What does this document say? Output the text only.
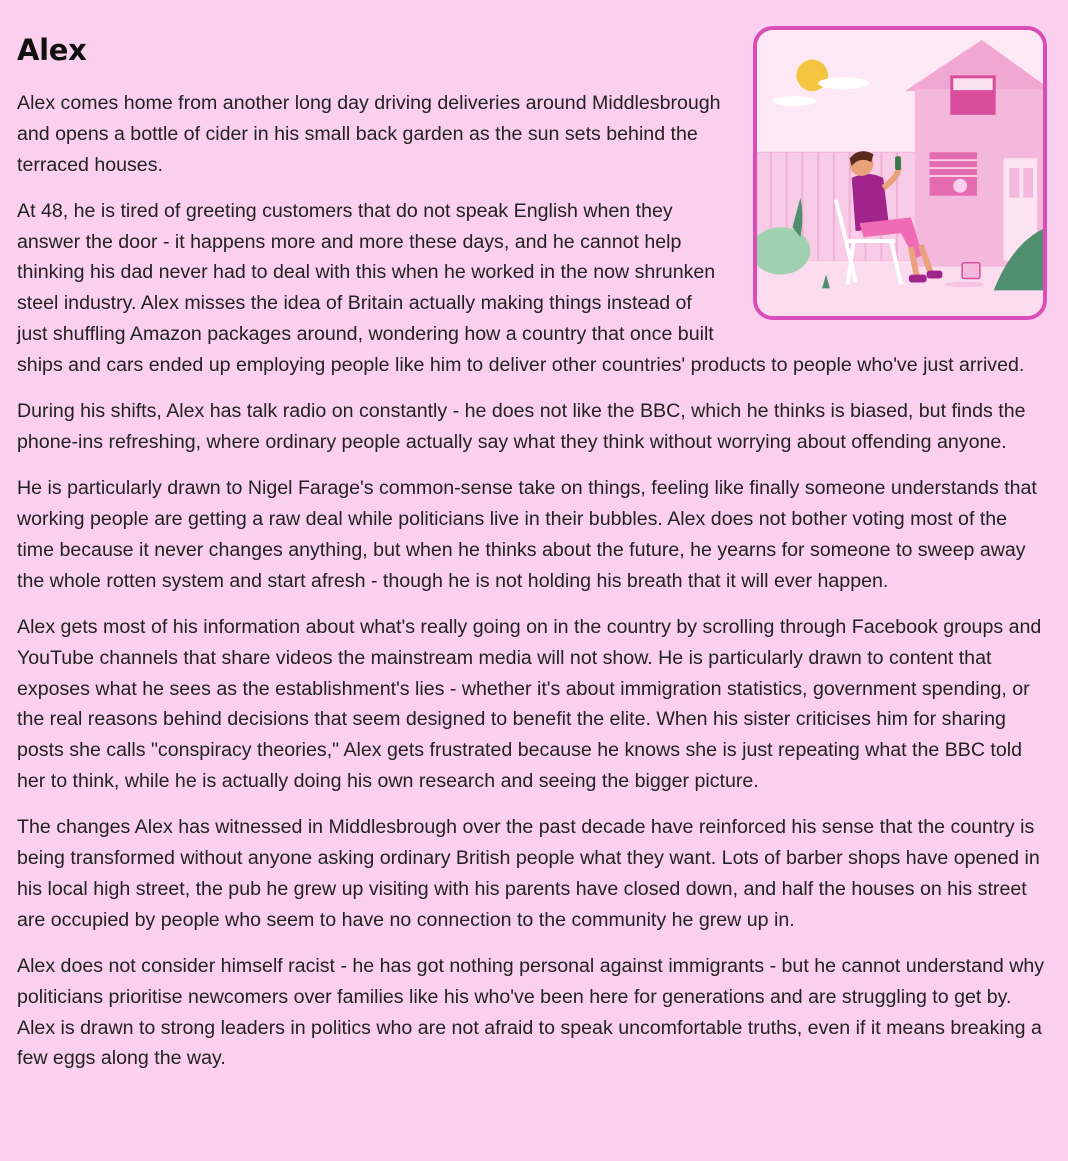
Alex

Alex comes home from another long day driving deliveries around Middlesbrough and opens a bottle of cider in his small back garden as the sun sets behind the terraced houses.

At 48, he is tired of greeting customers that do not speak English when they answer the door - it happens more and more these days, and he cannot help thinking his dad never had to deal with this when he worked in the now shrunken steel industry. Alex misses the idea of Britain actually making things instead of just shuffling Amazon packages around, wondering how a country that once built ships and cars ended up employing people like him to deliver other countries' products to people who've just arrived.

During his shifts, Alex has talk radio on constantly - he does not like the BBC, which he thinks is biased, but finds the phone-ins refreshing, where ordinary people actually say what they think without worrying about offending anyone.

He is particularly drawn to Nigel Farage's common-sense take on things, feeling like finally someone understands that working people are getting a raw deal while politicians live in their bubbles. Alex does not bother voting most of the time because it never changes anything, but when he thinks about the future, he yearns for someone to sweep away the whole rotten system and start afresh - though he is not holding his breath that it will ever happen.

Alex gets most of his information about what's really going on in the country by scrolling through Facebook groups and YouTube channels that share videos the mainstream media will not show. He is particularly drawn to content that exposes what he sees as the establishment's lies - whether it's about immigration statistics, government spending, or the real reasons behind decisions that seem designed to benefit the elite. When his sister criticises him for sharing posts she calls "conspiracy theories," Alex gets frustrated because he knows she is just repeating what the BBC told her to think, while he is actually doing his own research and seeing the bigger picture.

The changes Alex has witnessed in Middlesbrough over the past decade have reinforced his sense that the country is being transformed without anyone asking ordinary British people what they want. Lots of barber shops have opened in his local high street, the pub he grew up visiting with his parents have closed down, and half the houses on his street are occupied by people who seem to have no connection to the community he grew up in.

Alex does not consider himself racist - he has got nothing personal against immigrants - but he cannot understand why politicians prioritise newcomers over families like his who've been here for generations and are struggling to get by. Alex is drawn to strong leaders in politics who are not afraid to speak uncomfortable truths, even if it means breaking a few eggs along the way.
